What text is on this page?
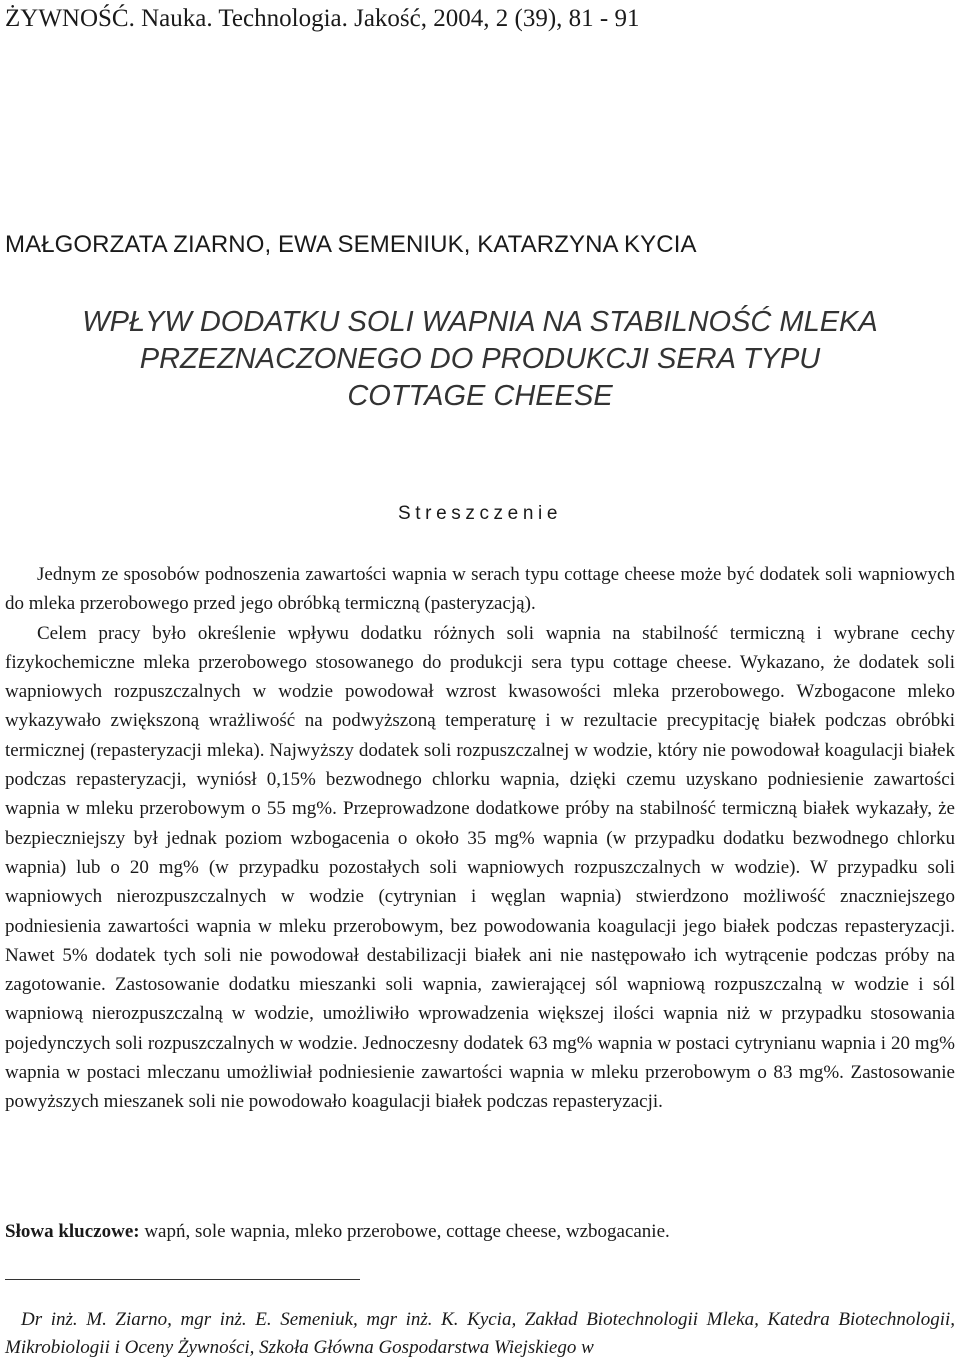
ŻYWNOŚĆ. Nauka. Technologia. Jakość, 2004, 2 (39), 81 - 91
MAŁGORZATA ZIARNO, EWA SEMENIUK, KATARZYNA KYCIA
WPŁYW DODATKU SOLI WAPNIA NA STABILNOŚĆ MLEKA
PRZEZNACZONEGO DO PRODUKCJI SERA TYPU
COTTAGE CHEESE
Streszczenie

Jednym ze sposobów podnoszenia zawartości wapnia w serach typu cottage cheese może być dodatek soli wapniowych do mleka przerobowego przed jego obróbką termiczną (pasteryzacją).

Celem pracy było określenie wpływu dodatku różnych soli wapnia na stabilność termiczną i wybrane cechy fizykochemiczne mleka przerobowego stosowanego do produkcji sera typu cottage cheese. Wykazano, że dodatek soli wapniowych rozpuszczalnych w wodzie powodował wzrost kwasowości mleka przerobowego. Wzbogacone mleko wykazywało zwiększoną wrażliwość na podwyższoną temperaturę i w rezultacie precypitację białek podczas obróbki termicznej (repasteryzacji mleka). Najwyższy dodatek soli rozpuszczalnej w wodzie, który nie powodował koagulacji białek podczas repasteryzacji, wyniósł 0,15% bezwodnego chlorku wapnia, dzięki czemu uzyskano podniesienie zawartości wapnia w mleku przerobowym o 55 mg%. Przeprowadzone dodatkowe próby na stabilność termiczną białek wykazały, że bezpieczniejszy był jednak poziom wzbogacenia o około 35 mg% wapnia (w przypadku dodatku bezwodnego chlorku wapnia) lub o 20 mg% (w przypadku pozostałych soli wapniowych rozpuszczalnych w wodzie). W przypadku soli wapniowych nierozpuszczalnych w wodzie (cytrynian i węglan wapnia) stwierdzono możliwość znaczniejszego podniesienia zawartości wapnia w mleku przerobowym, bez powodowania koagulacji jego białek podczas repasteryzacji. Nawet 5% dodatek tych soli nie powodował destabilizacji białek ani nie następowało ich wytrącenie podczas próby na zagotowanie. Zastosowanie dodatku mieszanki soli wapnia, zawierającej sól wapniową rozpuszczalną w wodzie i sól wapniową nierozpuszczalną w wodzie, umożliwiło wprowadzenia większej ilości wapnia niż w przypadku stosowania pojedynczych soli rozpuszczalnych w wodzie. Jednoczesny dodatek 63 mg% wapnia w postaci cytrynianu wapnia i 20 mg% wapnia w postaci mleczanu umożliwiał podniesienie zawartości wapnia w mleku przerobowym o 83 mg%. Zastosowanie powyższych mieszanek soli nie powodowało koagulacji białek podczas repasteryzacji.

Słowa kluczowe: wapń, sole wapnia, mleko przerobowe, cottage cheese, wzbogacanie.
Dr inż. M. Ziarno, mgr inż. E. Semeniuk, mgr inż. K. Kycia, Zakład Biotechnologii Mleka, Katedra Biotechnologii, Mikrobiologii i Oceny Żywności, Szkoła Główna Gospodarstwa Wiejskiego w
